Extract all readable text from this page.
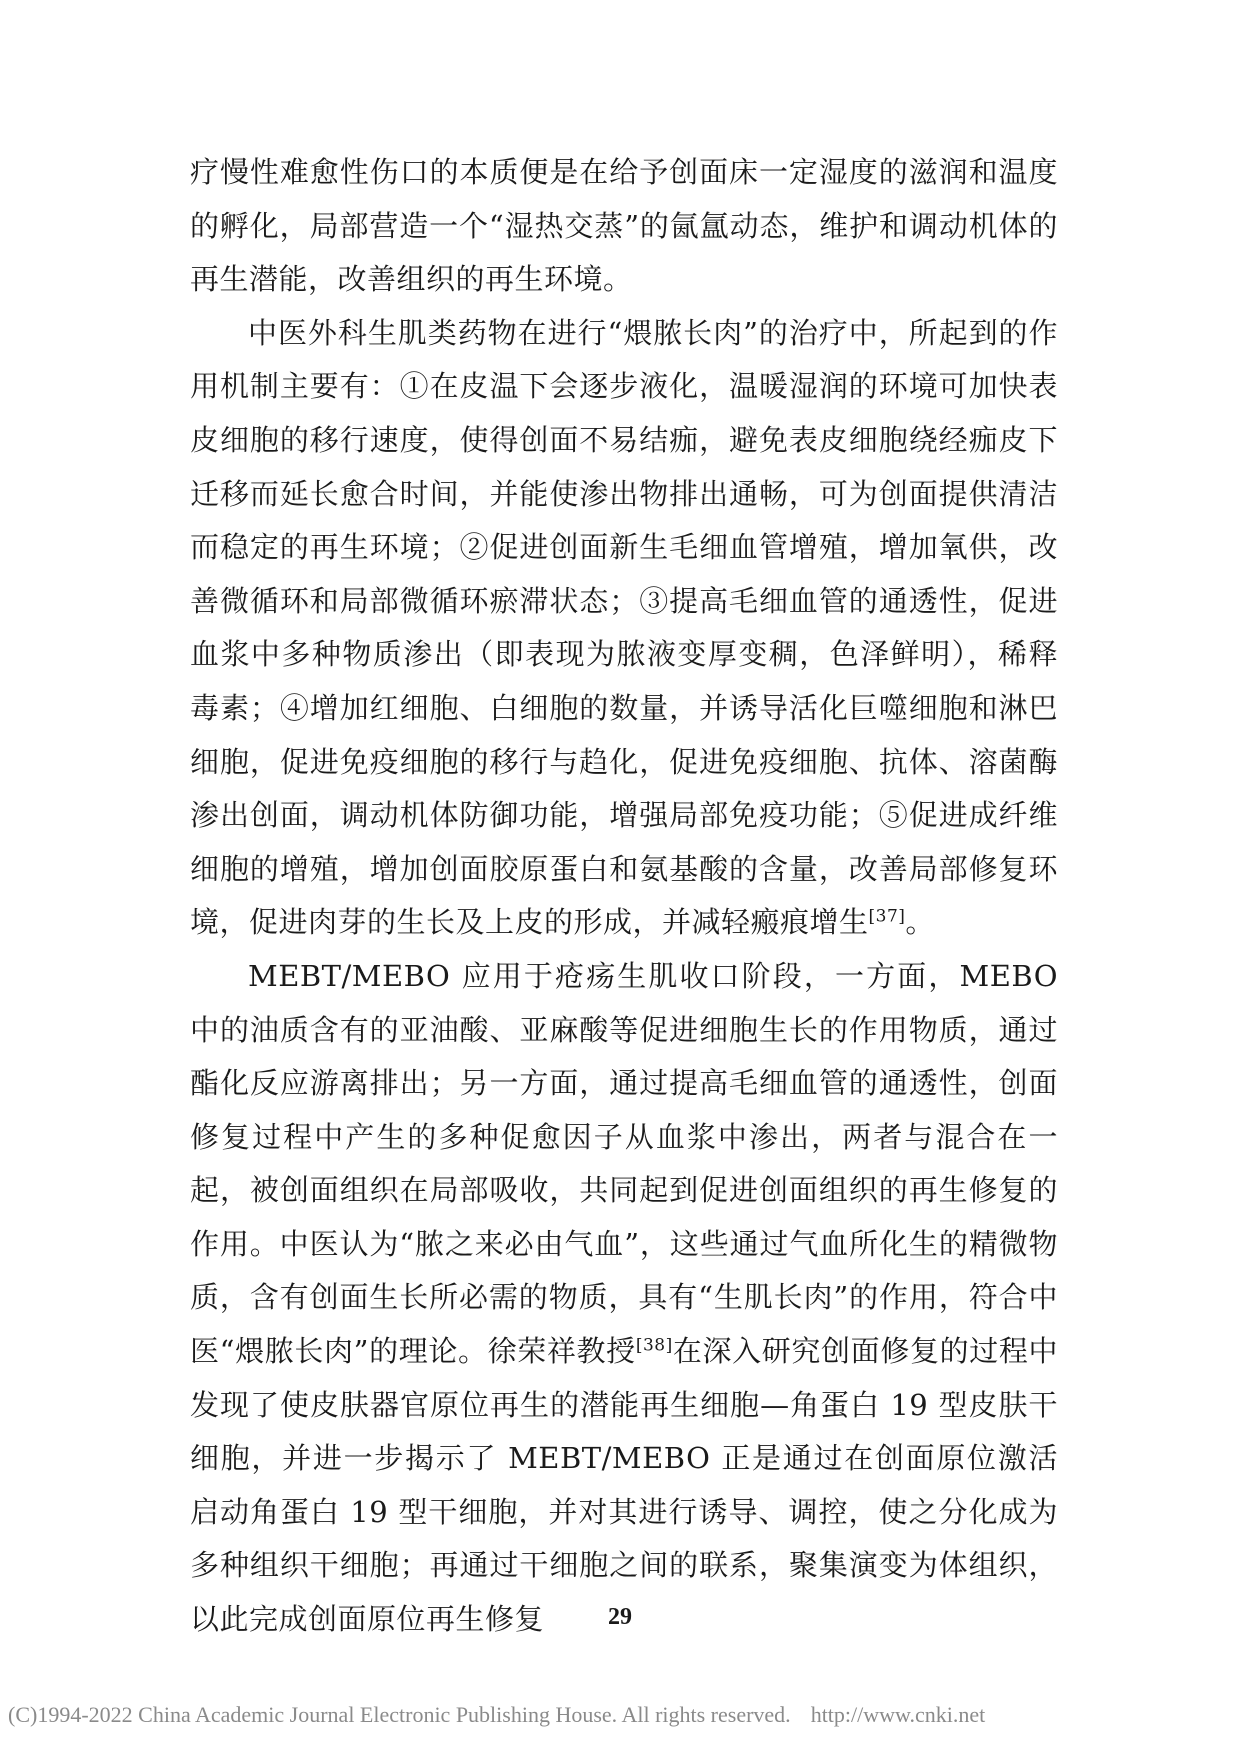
疗慢性难愈性伤口的本质便是在给予创面床一定湿度的滋润和温度的孵化，局部营造一个“湿热交蒸”的氤氲动态，维护和调动机体的再生潜能，改善组织的再生环境。

中医外科生肌类药物在进行“煨脓长肉”的治疗中，所起到的作用机制主要有：①在皮温下会逐步液化，温暖湿润的环境可加快表皮细胞的移行速度，使得创面不易结痂，避免表皮细胞绕经痂皮下迁移而延长愈合时间，并能使渗出物排出通畅，可为创面提供清洁而稳定的再生环境；②促进创面新生毛细血管增殖，增加氧供，改善微循环和局部微循环瘀滞状态；③提高毛细血管的通透性，促进血浆中多种物质渗出（即表现为脓液变厚变稠，色泽鲜明），稀释毒素；④增加红细胞、白细胞的数量，并诱导活化巨噬细胞和淋巴细胞，促进免疫细胞的移行与趋化，促进免疫细胞、抗体、溶菌酶渗出创面，调动机体防御功能，增强局部免疫功能；⑤促进成纤维细胞的增殖，增加创面胶原蛋白和氨基酸的含量，改善局部修复环境，促进肉芽的生长及上皮的形成，并减轻瘢痕增生[37]。

MEBT/MEBO 应用于疮疡生肌收口阶段，一方面，MEBO 中的油质含有的亚油酸、亚麻酸等促进细胞生长的作用物质，通过酯化反应游离排出；另一方面，通过提高毛细血管的通透性，创面修复过程中产生的多种促愈因子从血浆中渗出，两者与混合在一起，被创面组织在局部吸收，共同起到促进创面组织的再生修复的作用。中医认为“脓之来必由气血”，这些通过气血所化生的精微物质，含有创面生长所必需的物质，具有“生肌长肉”的作用，符合中医“煨脓长肉”的理论。徐荣祥教授[38]在深入研究创面修复的过程中发现了使皮肤器官原位再生的潜能再生细胞—角蛋白 19 型皮肤干细胞，并进一步揭示了 MEBT/MEBO 正是通过在创面原位激活启动角蛋白 19 型干细胞，并对其进行诱导、调控，使之分化成为多种组织干细胞；再通过干细胞之间的联系，聚集演变为体组织，以此完成创面原位再生修复	29
(C)1994-2022 China Academic Journal Electronic Publishing House. All rights reserved. http://www.cnki.net
